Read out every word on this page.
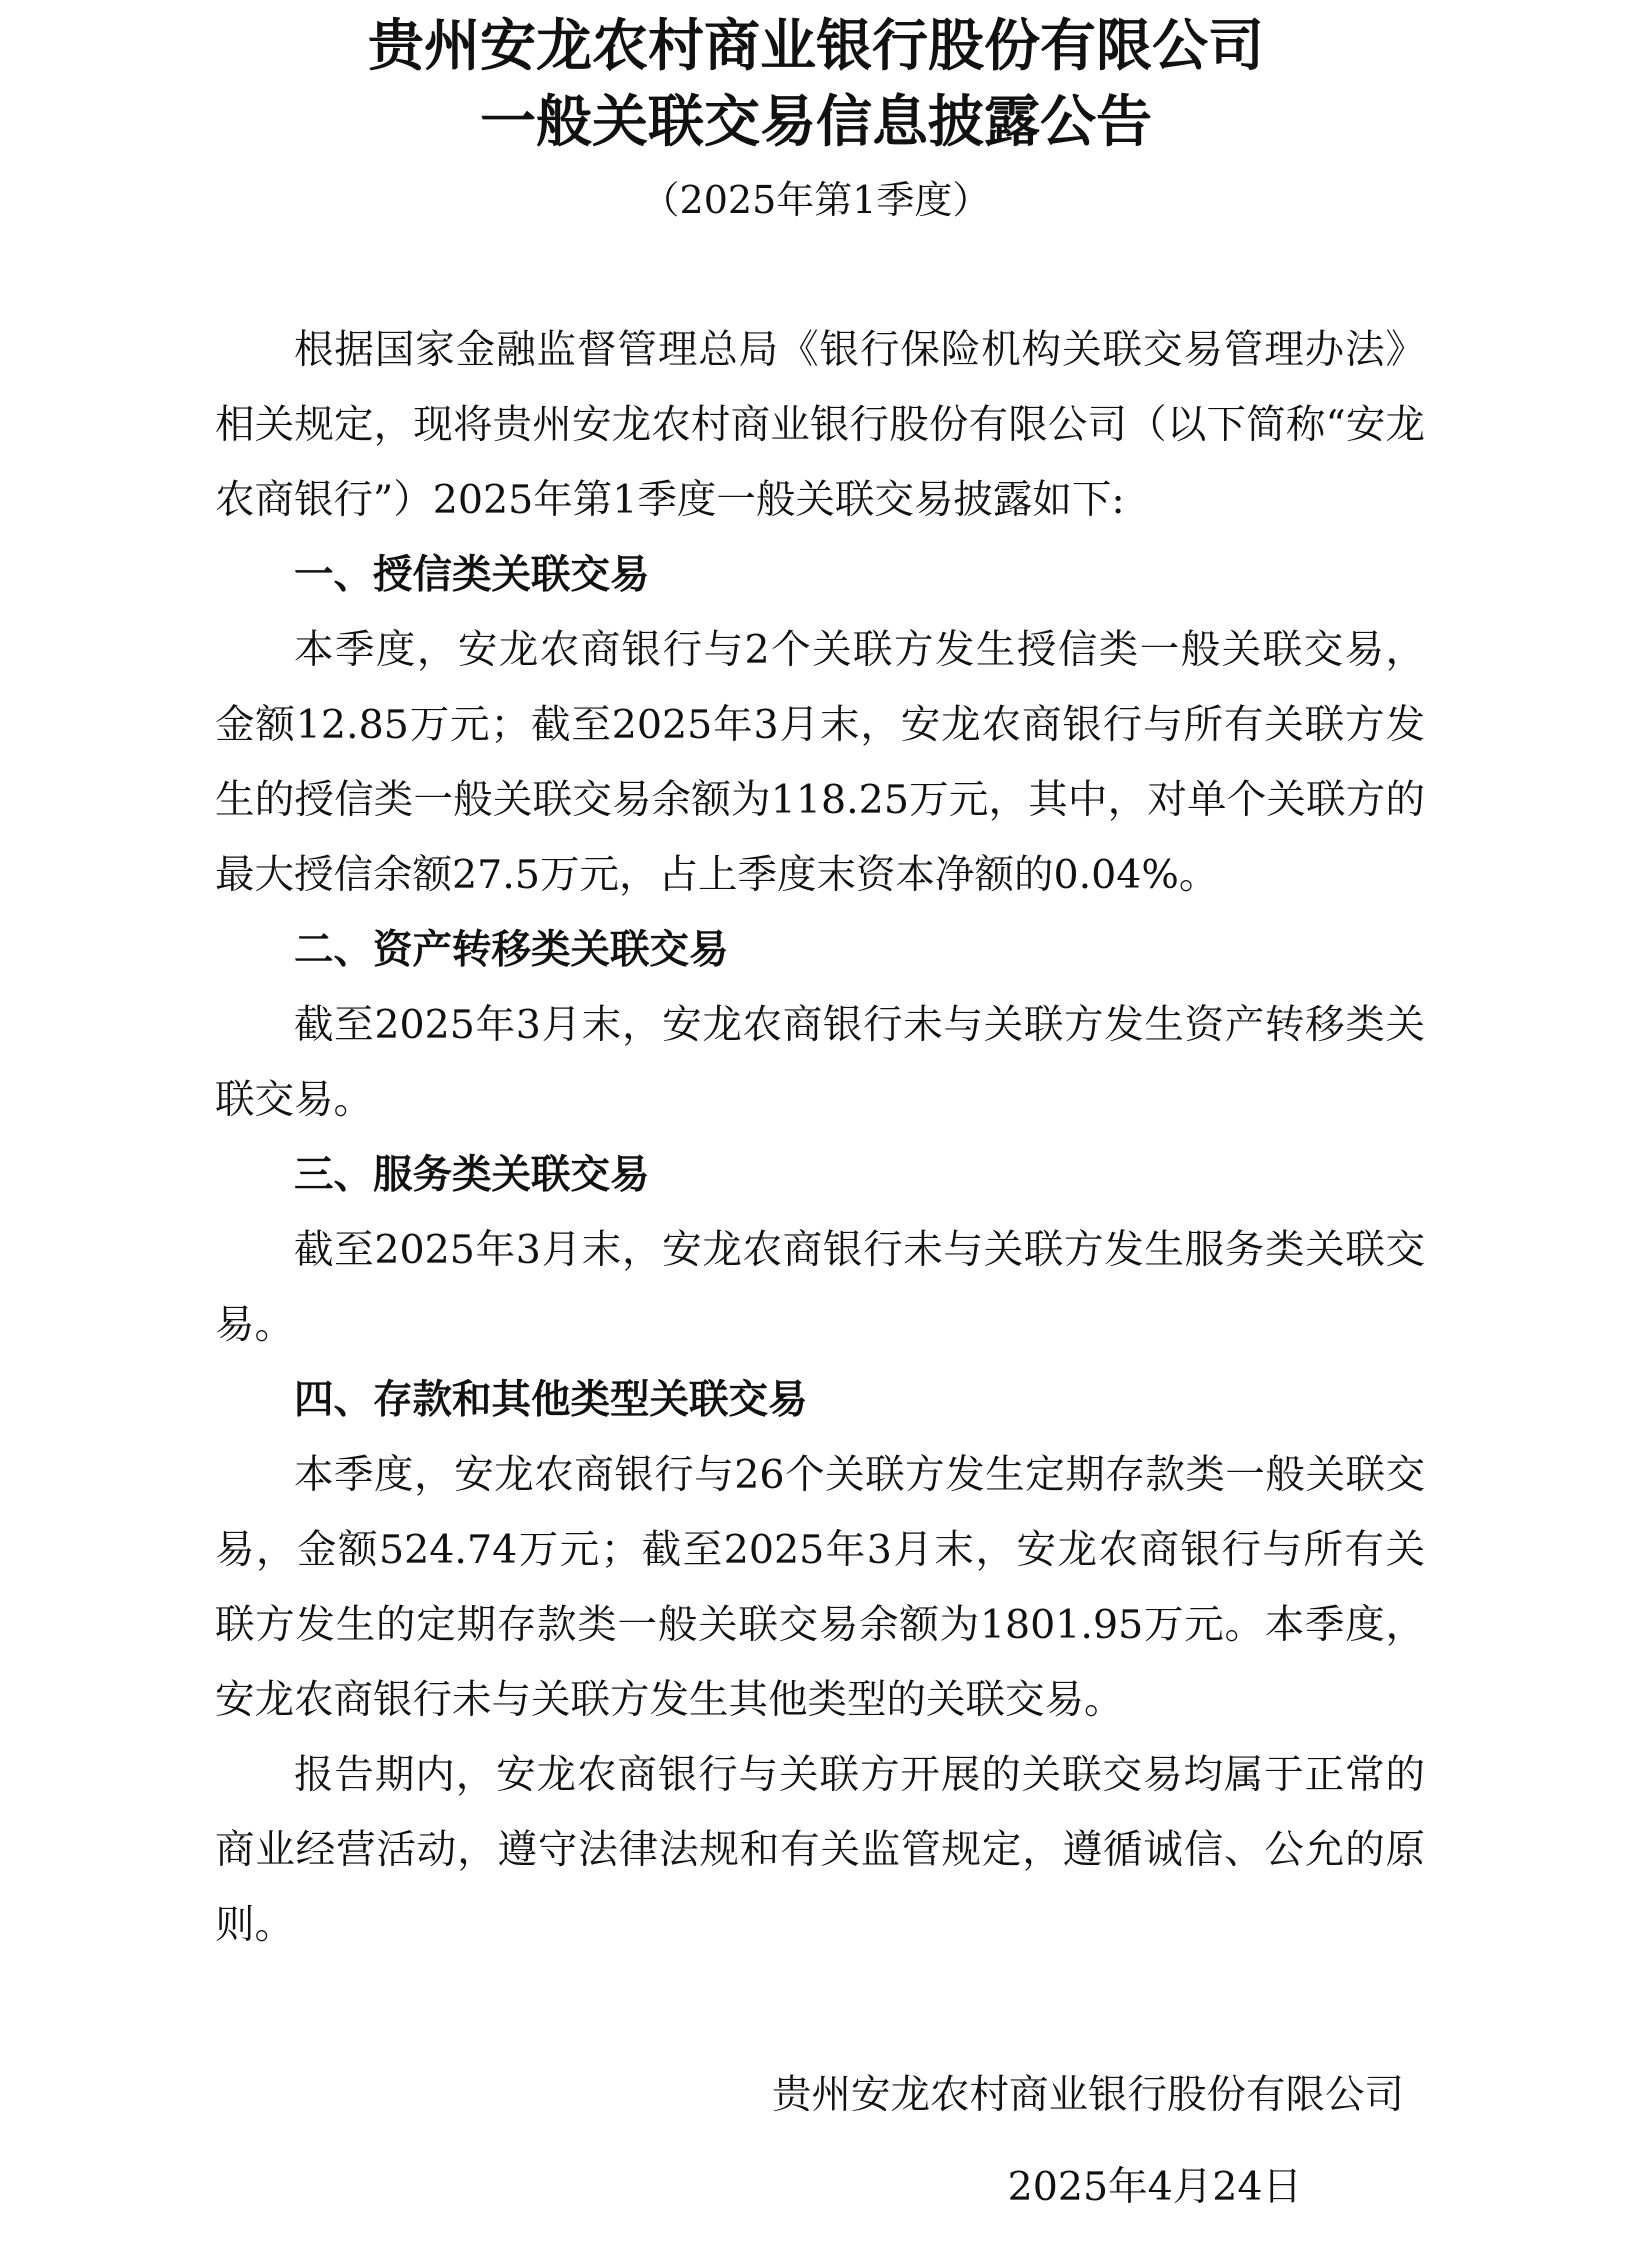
贵州安龙农村商业银行股份有限公司
一般关联交易信息披露公告
（2025年第1季度）

根据国家金融监督管理总局《银行保险机构关联交易管理办法》相关规定，现将贵州安龙农村商业银行股份有限公司（以下简称“安龙农商银行”）2025年第1季度一般关联交易披露如下:

一、授信类关联交易

本季度，安龙农商银行与2个关联方发生授信类一般关联交易，金额12.85万元；截至2025年3月末，安龙农商银行与所有关联方发生的授信类一般关联交易余额为118.25万元，其中，对单个关联方的最大授信余额27.5万元，占上季度末资本净额的0.04%。

二、资产转移类关联交易

截至2025年3月末，安龙农商银行未与关联方发生资产转移类关联交易。

三、服务类关联交易

截至2025年3月末，安龙农商银行未与关联方发生服务类关联交易。

四、存款和其他类型关联交易

本季度，安龙农商银行与26个关联方发生定期存款类一般关联交易，金额524.74万元；截至2025年3月末，安龙农商银行与所有关联方发生的定期存款类一般关联交易余额为1801.95万元。本季度，安龙农商银行未与关联方发生其他类型的关联交易。

报告期内，安龙农商银行与关联方开展的关联交易均属于正常的商业经营活动，遵守法律法规和有关监管规定，遵循诚信、公允的原则。

贵州安龙农村商业银行股份有限公司
2025年4月24日
